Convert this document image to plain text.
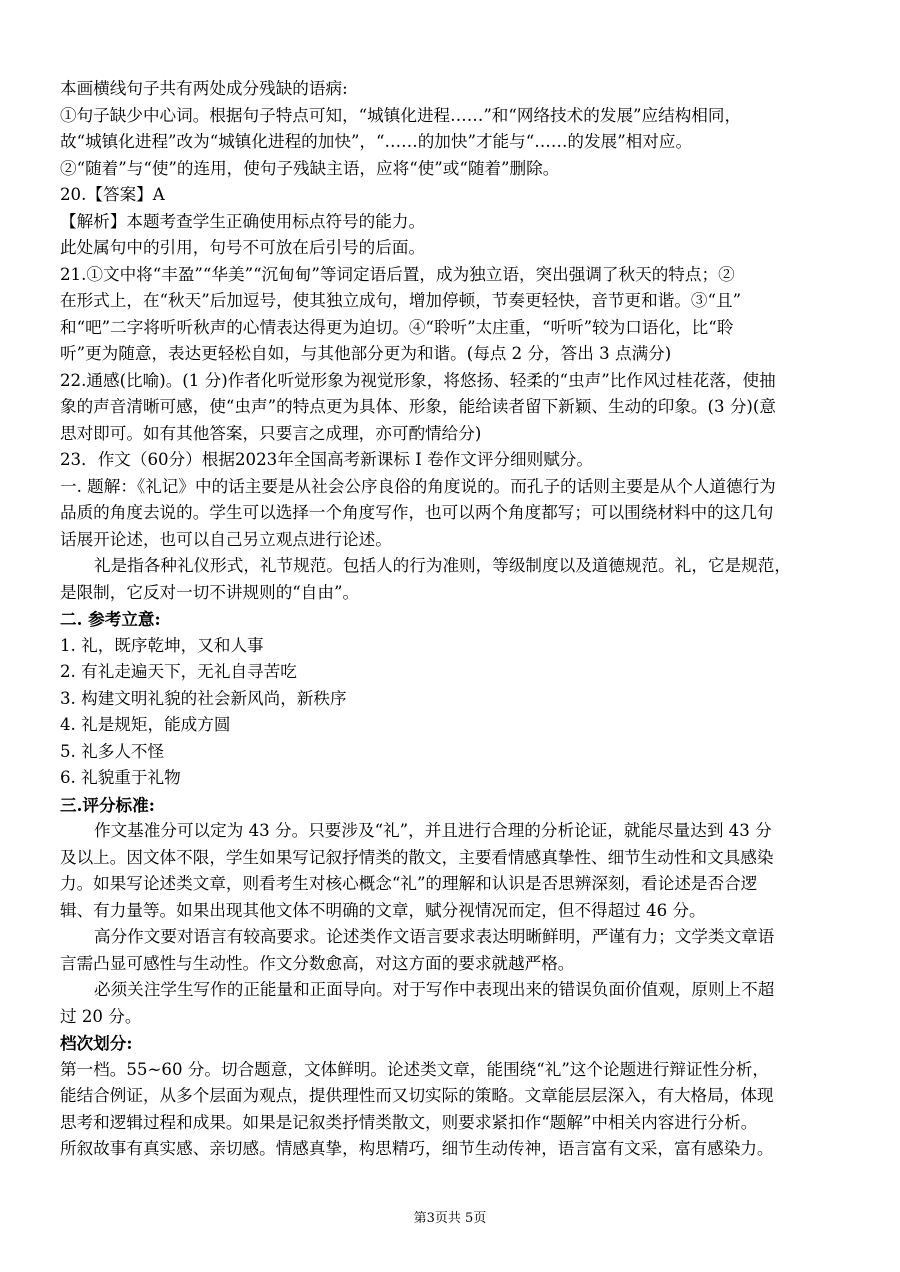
本画横线句子共有两处成分残缺的语病:
①句子缺少中心词。根据句子特点可知，“城镇化进程……”和“网络技术的发展”应结构相同，
故“城镇化进程”改为“城镇化进程的加快”，“……的加快”才能与“……的发展”相对应。
②“随着”与“使”的连用，使句子残缺主语，应将“使”或“随着”删除。
20.【答案】A
【解析】本题考查学生正确使用标点符号的能力。
此处属句中的引用，句号不可放在后引号的后面。
21.①文中将“丰盈”“华美”“沉甸甸”等词定语后置，成为独立语，突出强调了秋天的特点；②
在形式上，在“秋天”后加逗号，使其独立成句，增加停顿，节奏更轻快，音节更和谐。③“且”
和“吧”二字将听听秋声的心情表达得更为迫切。④“聆听”太庄重，“听听”较为口语化，比“聆
听”更为随意，表达更轻松自如，与其他部分更为和谐。(每点 2 分，答出 3 点满分)
22.通感(比喻)。(1 分)作者化听觉形象为视觉形象，将悠扬、轻柔的“虫声”比作风过桂花落，使抽
象的声音清晰可感，使“虫声”的特点更为具体、形象，能给读者留下新颖、生动的印象。(3 分)(意
思对即可。如有其他答案，只要言之成理，亦可酌情给分)
23．作文（60分）根据2023年全国高考新课标 I 卷作文评分细则赋分。
一. 题解：《礼记》中的话主要是从社会公序良俗的角度说的。而孔子的话则主要是从个人道德行为
品质的角度去说的。学生可以选择一个角度写作，也可以两个角度都写；可以围绕材料中的这几句
话展开论述，也可以自己另立观点进行论述。
礼是指各种礼仪形式，礼节规范。包括人的行为准则，等级制度以及道德规范。礼，它是规范，
是限制，它反对一切不讲规则的“自由”。
二. 参考立意:
1. 礼，既序乾坤，又和人事
2. 有礼走遍天下，无礼自寻苦吃
3. 构建文明礼貌的社会新风尚，新秩序
4. 礼是规矩，能成方圆
5. 礼多人不怪
6. 礼貌重于礼物
三.评分标准:
作文基准分可以定为 43 分。只要涉及“礼”，并且进行合理的分析论证，就能尽量达到 43 分
及以上。因文体不限，学生如果写记叙抒情类的散文，主要看情感真挚性、细节生动性和文具感染
力。如果写论述类文章，则看考生对核心概念“礼”的理解和认识是否思辨深刻，看论述是否合逻
辑、有力量等。如果出现其他文体不明确的文章，赋分视情况而定，但不得超过 46 分。
高分作文要对语言有较高要求。论述类作文语言要求表达明晰鲜明，严谨有力；文学类文章语
言需凸显可感性与生动性。作文分数愈高，对这方面的要求就越严格。
必须关注学生写作的正能量和正面导向。对于写作中表现出来的错误负面价值观，原则上不超
过 20 分。
档次划分:
第一档。55~60 分。切合题意，文体鲜明。论述类文章，能围绕“礼”这个论题进行辩证性分析，
能结合例证，从多个层面为观点，提供理性而又切实际的策略。文章能层层深入，有大格局，体现
思考和逻辑过程和成果。如果是记叙类抒情类散文，则要求紧扣作“题解”中相关内容进行分析。
所叙故事有真实感、亲切感。情感真挚，构思精巧，细节生动传神，语言富有文采，富有感染力。
第3页共 5页
